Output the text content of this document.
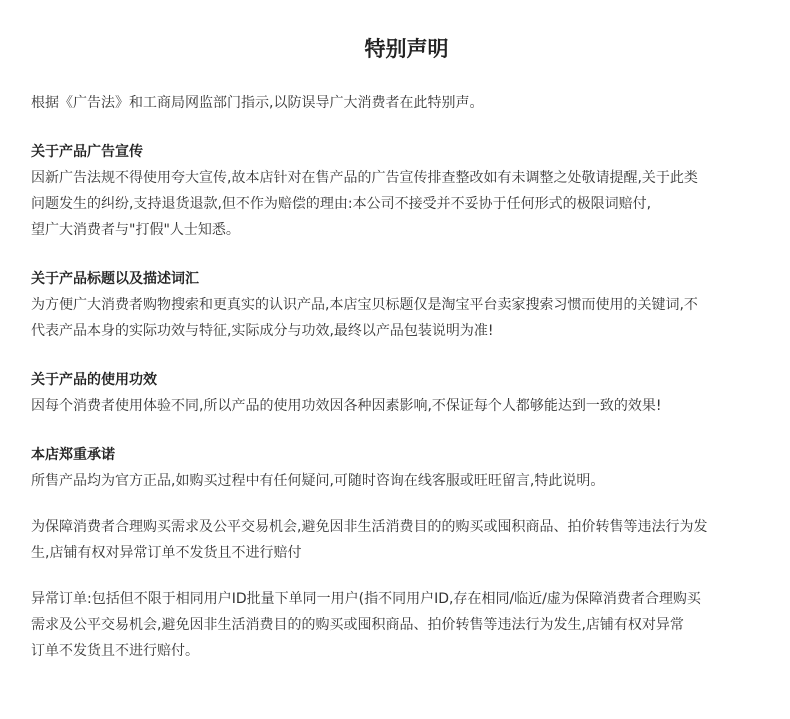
特别声明

根据《广告法》和工商局网监部门指示,以防误导广大消费者在此特别声。

关于产品广告宣传

因新广告法规不得使用夸大宣传,故本店针对在售产品的广告宣传排查整改如有未调整之处敬请提醒,关于此类
问题发生的纠纷,支持退货退款,但不作为赔偿的理由:本公司不接受并不妥协于任何形式的极限词赔付,
望广大消费者与"打假"人士知悉。

关于产品标题以及描述词汇

为方便广大消费者购物搜索和更真实的认识产品,本店宝贝标题仅是淘宝平台卖家搜索习惯而使用的关键词,不
代表产品本身的实际功效与特征,实际成分与功效,最终以产品包装说明为准!

关于产品的使用功效

因每个消费者使用体验不同,所以产品的使用功效因各种因素影响,不保证每个人都够能达到一致的效果!

本店郑重承诺

所售产品均为官方正品,如购买过程中有任何疑问,可随时咨询在线客服或旺旺留言,特此说明。

为保障消费者合理购买需求及公平交易机会,避免因非生活消费目的的购买或囤积商品、拍价转售等违法行为发
生,店铺有权对异常订单不发货且不进行赔付
异常订单:包括但不限于相同用户ID批量下单同一用户(指不同用户ID,存在相同/临近/虚为保障消费者合理购买
需求及公平交易机会,避免因非生活消费目的的购买或囤积商品、拍价转售等违法行为发生,店铺有权对异常
订单不发货且不进行赔付。
